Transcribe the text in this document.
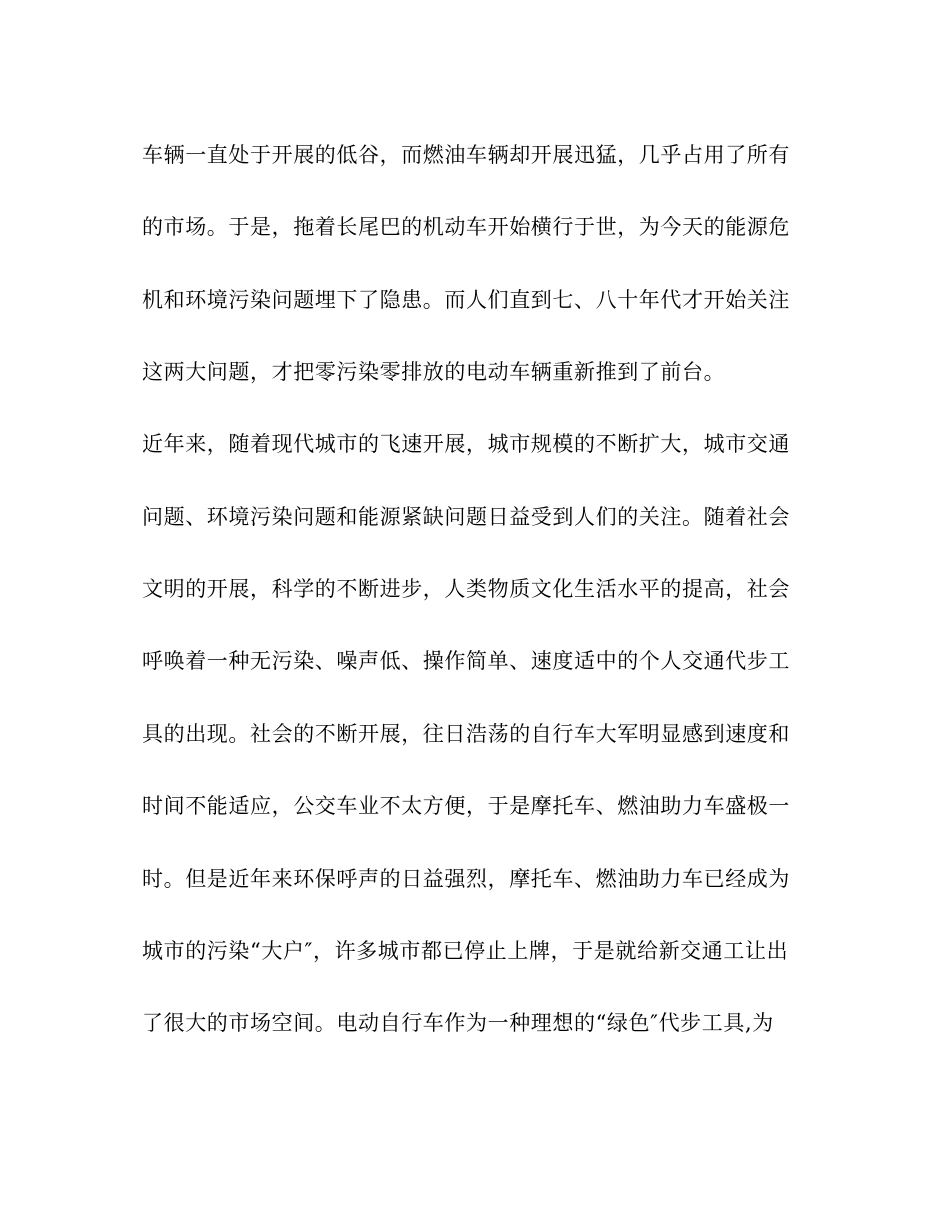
车辆一直处于开展的低谷，而燃油车辆却开展迅猛，几乎占用了所有
的市场。于是，拖着长尾巴的机动车开始横行于世，为今天的能源危
机和环境污染问题埋下了隐患。而人们直到七、八十年代才开始关注
这两大问题，才把零污染零排放的电动车辆重新推到了前台。
近年来，随着现代城市的飞速开展，城市规模的不断扩大，城市交通
问题、环境污染问题和能源紧缺问题日益受到人们的关注。随着社会
文明的开展，科学的不断进步，人类物质文化生活水平的提高，社会
呼唤着一种无污染、噪声低、操作简单、速度适中的个人交通代步工
具的出现。社会的不断开展，往日浩荡的自行车大军明显感到速度和
时间不能适应，公交车业不太方便，于是摩托车、燃油助力车盛极一
时。但是近年来环保呼声的日益强烈，摩托车、燃油助力车已经成为
城市的污染“大户″，许多城市都已停止上牌，于是就给新交通工让出
了很大的市场空间。电动自行车作为一种理想的“绿色″代步工具,为
